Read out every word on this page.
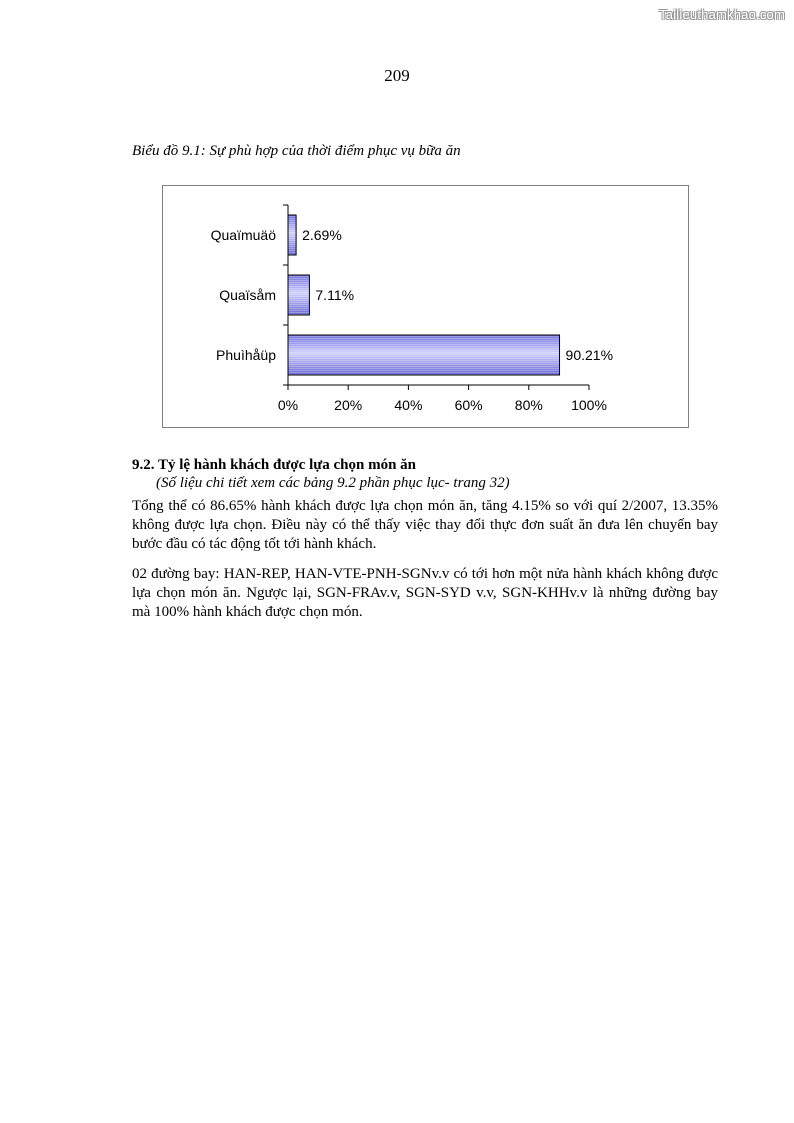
Tailieuthamkhao.com
209
Biểu đồ 9.1: Sự phù hợp của thời điểm phục vụ bữa ăn
0%	20% 40% 60% 80% 100%
Quaïmuäö 2.69%
Quaïsåm	7.11%
Phuìhåüp	90.21%
9.2. Tỷ lệ hành khách được lựa chọn món ăn
(Số liệu chi tiết xem các bảng 9.2 phần phục lục- trang 32)

Tổng thể có 86.65% hành khách được lựa chọn món ăn, tăng 4.15% so với quí 2/2007, 13.35% không được lựa chọn. Điều này có thể thấy việc thay đổi thực đơn suất ăn đưa lên chuyến bay bước đầu có tác động tốt tới hành khách.

02 đường bay: HAN-REP, HAN-VTE-PNH-SGNv.v có tới hơn một nửa hành khách không được lựa chọn món ăn. Ngược lại, SGN-FRAv.v, SGN-SYD v.v, SGN-KHHv.v là những đường bay mà 100% hành khách được chọn món.
